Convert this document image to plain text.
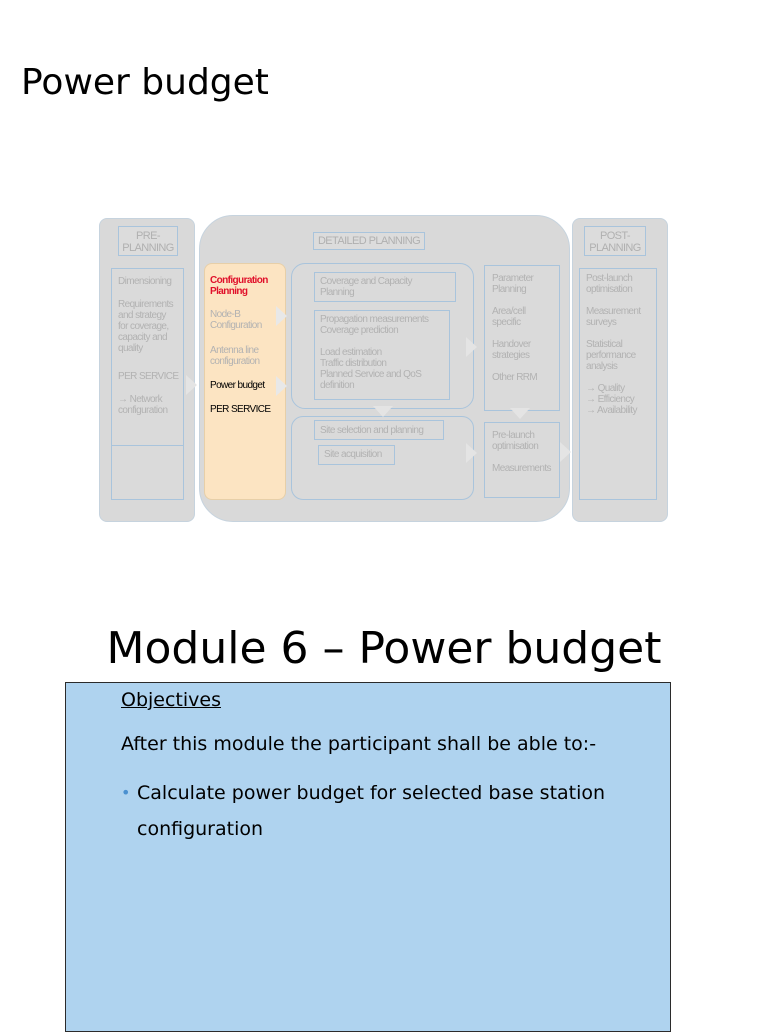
Power budget
PRE-
PLANNING
Dimensioning
Requirements
and strategy
for coverage,
capacity and
quality
PER SERVICE
→ Network
configuration
DETAILED PLANNING
Configuration
Planning
Node-B
Configuration
Antenna line
configuration
Power budget
PER SERVICE
Coverage and Capacity
Planning
Propagation measurements
Coverage prediction

Load estimation
Traffic distribution
Planned Service and QoS
definition
Site selection and planning
Site acquisition
Parameter
Planning

Area/cell
specific

Handover
strategies

Other RRM
Pre-launch
optimisation

Measurements
POST-
PLANNING
Post-launch
optimisation

Measurement
surveys

Statistical
performance
analysis

→ Quality
→ Efficiency
→ Availability
Module 6 – Power budget
Objectives
After this module the participant shall be able to:-
• Calculate power budget for selected base station configuration
